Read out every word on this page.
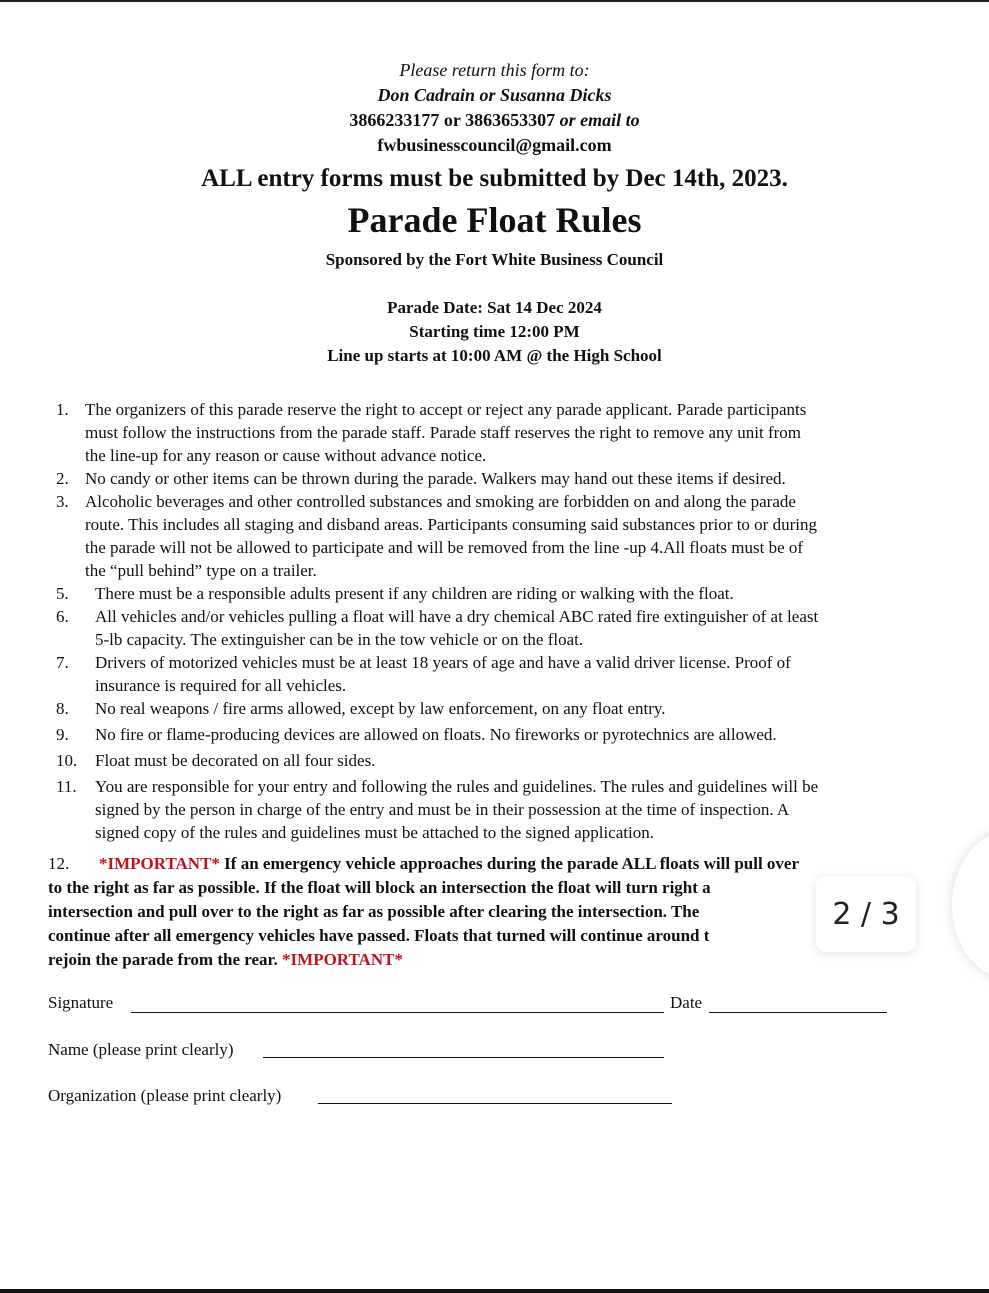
Please return this form to:
Don Cadrain or Susanna Dicks
3866233177 or 3863653307 or email to
fwbusinesscouncil@gmail.com
ALL entry forms must be submitted by Dec 14th, 2023.
Parade Float Rules
Sponsored by the Fort White Business Council
Parade Date: Sat 14 Dec 2024
Starting time 12:00 PM
Line up starts at 10:00 AM @ the High School
1. The organizers of this parade reserve the right to accept or reject any parade applicant. Parade participants
must follow the instructions from the parade staff. Parade staff reserves the right to remove any unit from
the line-up for any reason or cause without advance notice.
2. No candy or other items can be thrown during the parade. Walkers may hand out these items if desired.
3. Alcoholic beverages and other controlled substances and smoking are forbidden on and along the parade
route. This includes all staging and disband areas. Participants consuming said substances prior to or during
the parade will not be allowed to participate and will be removed from the line -up 4.All floats must be of
the “pull behind” type on a trailer.
5. There must be a responsible adults present if any children are riding or walking with the float.
6. All vehicles and/or vehicles pulling a float will have a dry chemical ABC rated fire extinguisher of at least
5-lb capacity. The extinguisher can be in the tow vehicle or on the float.
7. Drivers of motorized vehicles must be at least 18 years of age and have a valid driver license. Proof of
insurance is required for all vehicles.
8. No real weapons / fire arms allowed, except by law enforcement, on any float entry.
9. No fire or flame-producing devices are allowed on floats. No fireworks or pyrotechnics are allowed.
10. Float must be decorated on all four sides.
11. You are responsible for your entry and following the rules and guidelines. The rules and guidelines will be
signed by the person in charge of the entry and must be in their possession at the time of inspection. A
signed copy of the rules and guidelines must be attached to the signed application.
12. *IMPORTANT* If an emergency vehicle approaches during the parade ALL floats will pull over
to the right as far as possible. If the float will block an intersection the float will turn right a
intersection and pull over to the right as far as possible after clearing the intersection. The
continue after all emergency vehicles have passed. Floats that turned will continue around t
rejoin the parade from the rear. *IMPORTANT*
Signature	Date
Name (please print clearly)
Organization (please print clearly)
2 / 3
